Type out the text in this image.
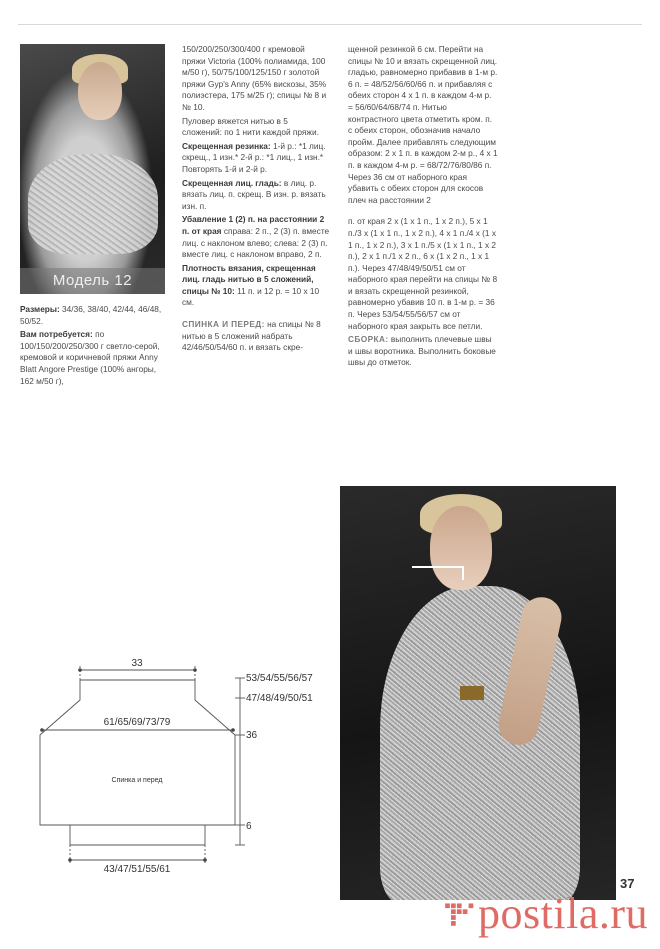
Модель 12

Размеры: 34/36, 38/40, 42/44, 46/48, 50/52.

Вам потребуется: по 100/150/200/250/300 г светло-серой, кремовой и коричневой пряжи Anny Blatt Angore Prestige (100% ангоры, 162 м/50 г),

150/200/250/300/400 г кремовой пряжи Victoria (100% полиамида, 100 м/50 г), 50/75/100/125/150 г золотой пряжи Gyp's Anny (65% вискозы, 35% полиэстера, 175 м/25 г); спицы № 8 и № 10.

Пуловер вяжется нитью в 5 сложений: по 1 нити каждой пряжи.

Скрещенная резинка: 1-й р.: *1 лиц. скрещ., 1 изн.* 2-й р.: *1 лиц., 1 изн.* Повторять 1-й и 2-й р.

Скрещенная лиц. гладь: в лиц. р. вязать лиц. п. скрещ. В изн. р. вязать изн. п.

Убавление 1 (2) п. на расстоянии 2 п. от края справа: 2 п., 2 (3) п. вместе лиц. с наклоном влево; слева: 2 (3) п. вместе лиц. с наклоном вправо, 2 п.

Плотность вязания, скрещенная лиц. гладь нитью в 5 сложений, спицы № 10: 11 п. и 12 р. = 10 х 10 см.

СПИНКА И ПЕРЕД: на спицы № 8 нитью в 5 сложений набрать 42/46/50/54/60 п. и вязать скре-

щенной резинкой 6 см. Перейти на спицы № 10 и вязать скрещенной лиц. гладью, равномерно прибавив в 1-м р. 6 п. = 48/52/56/60/66 п. и прибавляя с обеих сторон 4 х 1 п. в каждом 4-м р. = 56/60/64/68/74 п. Нитью контрастного цвета отметить кром. п. с обеих сторон, обозначив начало пройм. Далее прибавлять следующим образом: 2 х 1 п. в каждом 2-м р., 4 х 1 п. в каждом 4-м р. = 68/72/76/80/86 п. Через 36 см от наборного края убавить с обеих сторон для скосов плеч на расстоянии 2

п. от края 2 х (1 х 1 п., 1 х 2 п.), 5 х 1 п./3 х (1 х 1 п., 1 х 2 п.), 4 х 1 п./4 х (1 х 1 п., 1 х 2 п.), 3 х 1 п./5 х (1 х 1 п., 1 х 2 п.), 2 х 1 п./1 х 2 п., 6 х (1 х 2 п., 1 х 1 п.). Через 47/48/49/50/51 см от наборного края перейти на спицы № 8 и вязать скрещенной резинкой, равномерно убавив 10 п. в 1-м р. = 36 п. Через 53/54/55/56/57 см от наборного края закрыть все петли.

СБОРКА: выполнить плечевые швы и швы воротника. Выполнить боковые швы до отметок.

33
61/65/69/73/79
43/47/51/55/61
53/54/55/56/57
47/48/49/50/51
36
6
Спинка и перед
37
postila.ru
